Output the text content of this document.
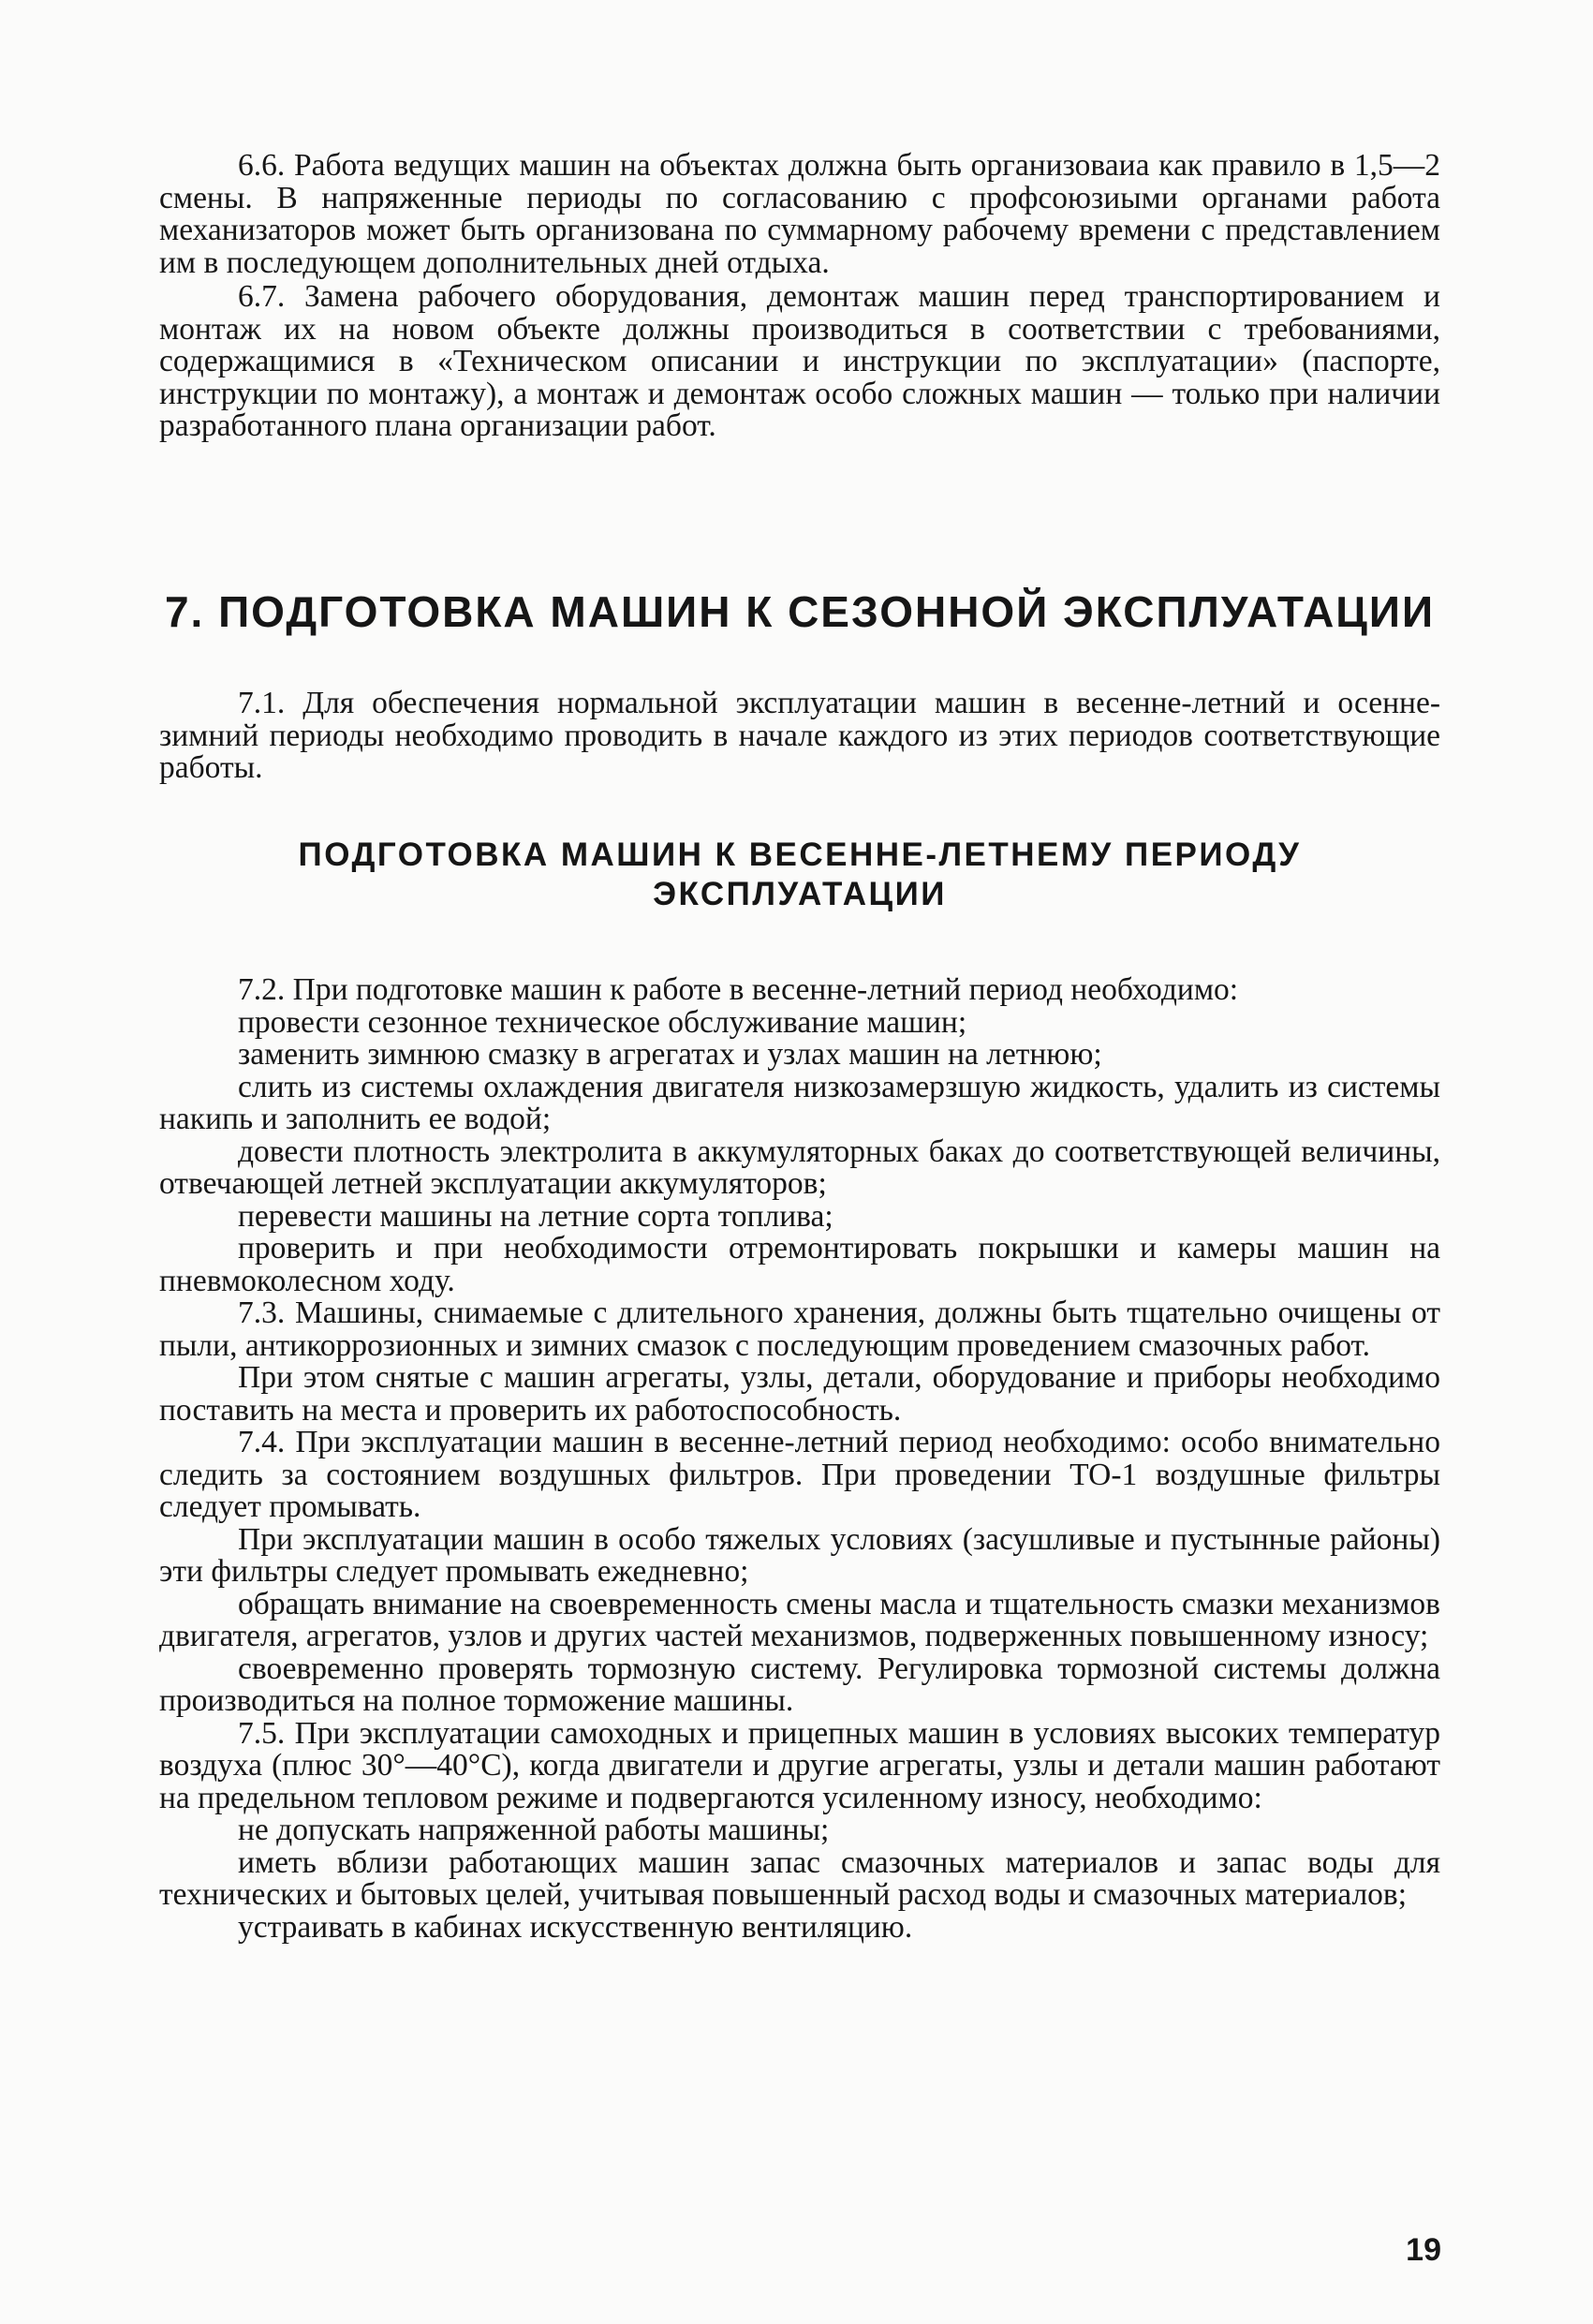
6.6. Работа ведущих машин на объектах должна быть организоваиа как правило в 1,5—2 смены. В напряженные периоды по согласованию с профсоюзиыми органами работа механизаторов может быть организована по суммарному рабочему времени с представлением им в последующем дополнительных дней отдыха.

6.7. Замена рабочего оборудования, демонтаж машин перед транспортированием и монтаж их на новом объекте должны производиться в соответствии с требованиями, содержащимися в «Техническом описании и инструкции по эксплуатации» (паспорте, инструкции по монтажу), а монтаж и демонтаж особо сложных машин — только при наличии разработанного плана организации работ.

7. ПОДГОТОВКА МАШИН К СЕЗОННОЙ ЭКСПЛУАТАЦИИ

7.1. Для обеспечения нормальной эксплуатации машин в весенне-летний и осенне-зимний периоды необходимо проводить в начале каждого из этих периодов соответствующие работы.

ПОДГОТОВКА МАШИН К ВЕСЕННЕ-ЛЕТНЕМУ ПЕРИОДУ
ЭКСПЛУАТАЦИИ

7.2. При подготовке машин к работе в весенне-летний период необходимо:

провести сезонное техническое обслуживание машин;

заменить зимнюю смазку в агрегатах и узлах машин на летнюю;

слить из системы охлаждения двигателя низкозамерзшую жидкость, удалить из системы накипь и заполнить ее водой;

довести плотность электролита в аккумуляторных баках до соответствующей величины, отвечающей летней эксплуатации аккумуляторов;

перевести машины на летние сорта топлива;

проверить и при необходимости отремонтировать покрышки и камеры машин на пневмоколесном ходу.

7.3. Машины, снимаемые с длительного хранения, должны быть тщательно очищены от пыли, антикоррозионных и зимних смазок с последующим проведением смазочных работ.

При этом снятые с машин агрегаты, узлы, детали, оборудование и приборы необходимо поставить на места и проверить их работоспособность.

7.4. При эксплуатации машин в весенне-летний период необходимо: особо внимательно следить за состоянием воздушных фильтров. При проведении ТО-1 воздушные фильтры следует промывать.

При эксплуатации машин в особо тяжелых условиях (засушливые и пустынные районы) эти фильтры следует промывать ежедневно;

обращать внимание на своевременность смены масла и тщательность смазки механизмов двигателя, агрегатов, узлов и других частей механизмов, подверженных повышенному износу;

своевременно проверять тормозную систему. Регулировка тормозной системы должна производиться на полное торможение машины.

7.5. При эксплуатации самоходных и прицепных машин в условиях высоких температур воздуха (плюс 30°—40°С), когда двигатели и другие агрегаты, узлы и детали машин работают на предельном тепловом режиме и подвергаются усиленному износу, необходимо:

не допускать напряженной работы машины;

иметь вблизи работающих машин запас смазочных материалов и запас воды для технических и бытовых целей, учитывая повышенный расход воды и смазочных материалов;

устраивать в кабинах искусственную вентиляцию.

19
